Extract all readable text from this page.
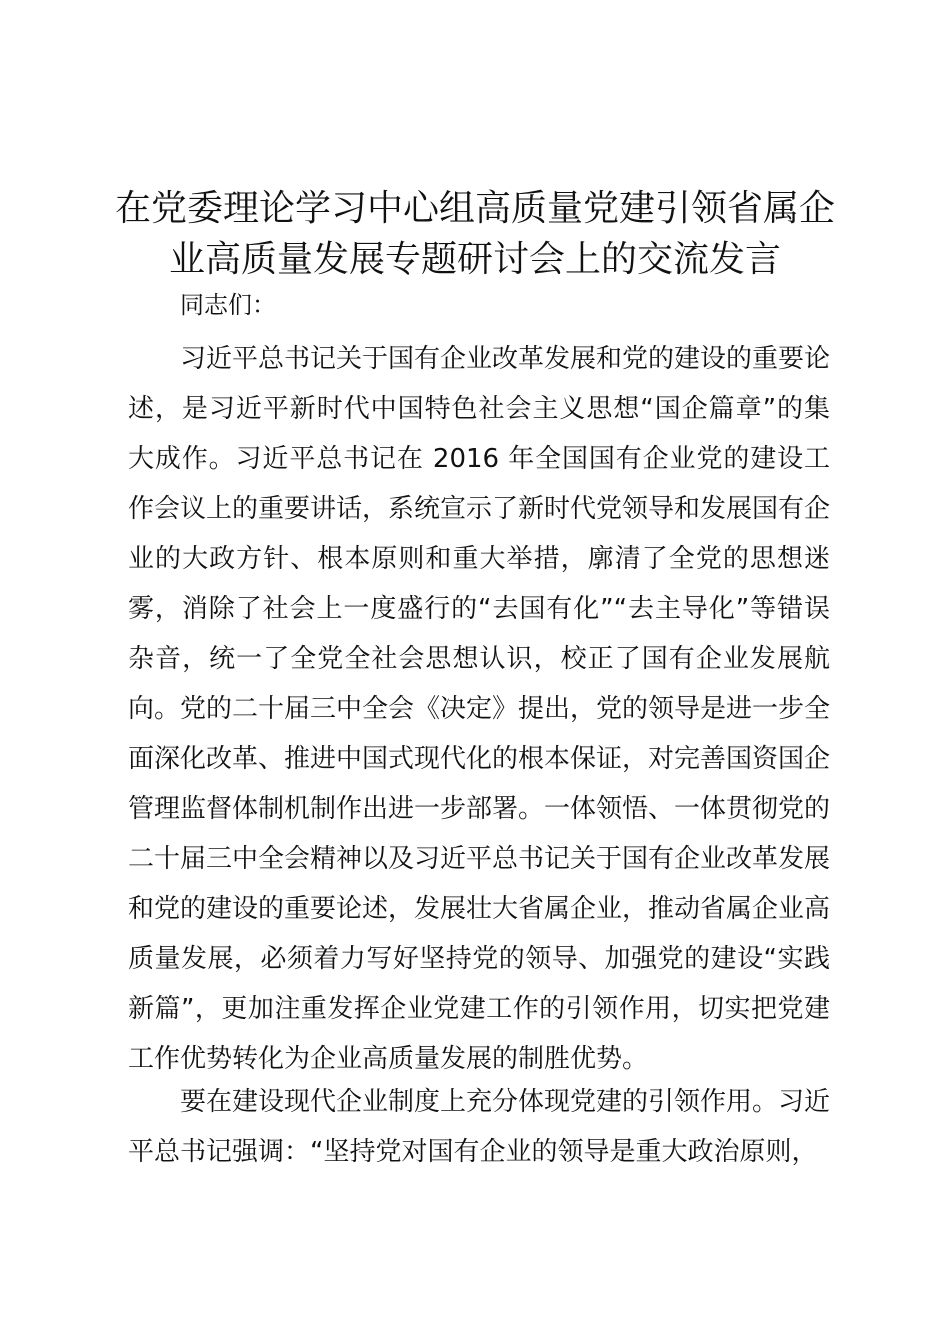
在党委理论学习中心组高质量党建引领省属企业高质量发展专题研讨会上的交流发言

同志们：

习近平总书记关于国有企业改革发展和党的建设的重要论述，是习近平新时代中国特色社会主义思想“国企篇章”的集大成作。习近平总书记在 2016 年全国国有企业党的建设工作会议上的重要讲话，系统宣示了新时代党领导和发展国有企业的大政方针、根本原则和重大举措，廓清了全党的思想迷雾，消除了社会上一度盛行的“去国有化”“去主导化”等错误杂音，统一了全党全社会思想认识，校正了国有企业发展航向。党的二十届三中全会《决定》提出，党的领导是进一步全面深化改革、推进中国式现代化的根本保证，对完善国资国企管理监督体制机制作出进一步部署。一体领悟、一体贯彻党的二十届三中全会精神以及习近平总书记关于国有企业改革发展和党的建设的重要论述，发展壮大省属企业，推动省属企业高质量发展，必须着力写好坚持党的领导、加强党的建设“实践新篇”，更加注重发挥企业党建工作的引领作用，切实把党建工作优势转化为企业高质量发展的制胜优势。

要在建设现代企业制度上充分体现党建的引领作用。习近平总书记强调：“坚持党对国有企业的领导是重大政治原则，
